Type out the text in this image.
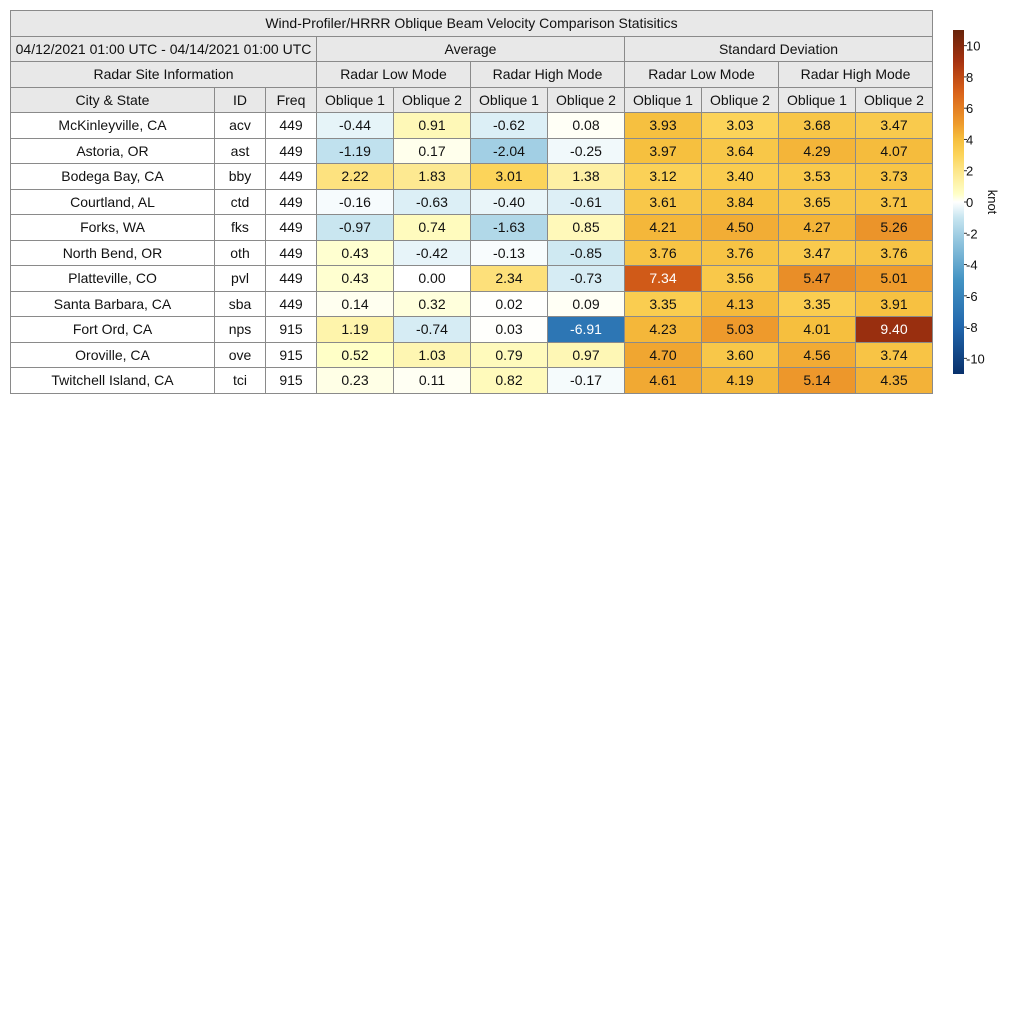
Wind-Profiler/HRRR Oblique Beam Velocity Comparison Statisitics										
04/12/2021 01:00 UTC - 04/14/2021 01:00 UTC			Average				Standard Deviation			
Radar Site Information			Radar Low Mode		Radar High Mode		Radar Low Mode		Radar High Mode	
City & State	ID	Freq	Oblique 1	Oblique 2	Oblique 1	Oblique 2	Oblique 1	Oblique 2	Oblique 1	Oblique 2
McKinleyville, CA	acv	449	-0.44	0.91	-0.62	0.08	3.93	3.03	3.68	3.47
Astoria, OR	ast	449	-1.19	0.17	-2.04	-0.25	3.97	3.64	4.29	4.07
Bodega Bay, CA	bby	449	2.22	1.83	3.01	1.38	3.12	3.40	3.53	3.73
Courtland, AL	ctd	449	-0.16	-0.63	-0.40	-0.61	3.61	3.84	3.65	3.71
Forks, WA	fks	449	-0.97	0.74	-1.63	0.85	4.21	4.50	4.27	5.26
North Bend, OR	oth	449	0.43	-0.42	-0.13	-0.85	3.76	3.76	3.47	3.76
Platteville, CO	pvl	449	0.43	0.00	2.34	-0.73	7.34	3.56	5.47	5.01
Santa Barbara, CA	sba	449	0.14	0.32	0.02	0.09	3.35	4.13	3.35	3.91
Fort Ord, CA	nps	915	1.19	-0.74	0.03	-6.91	4.23	5.03	4.01	9.40
Oroville, CA	ove	915	0.52	1.03	0.79	0.97	4.70	3.60	4.56	3.74
Twitchell Island, CA	tci	915	0.23	0.11	0.82	-0.17	4.61	4.19	5.14	4.35
10
8
6
4
2
0
-2
-4
-6
-8
-10
knot
